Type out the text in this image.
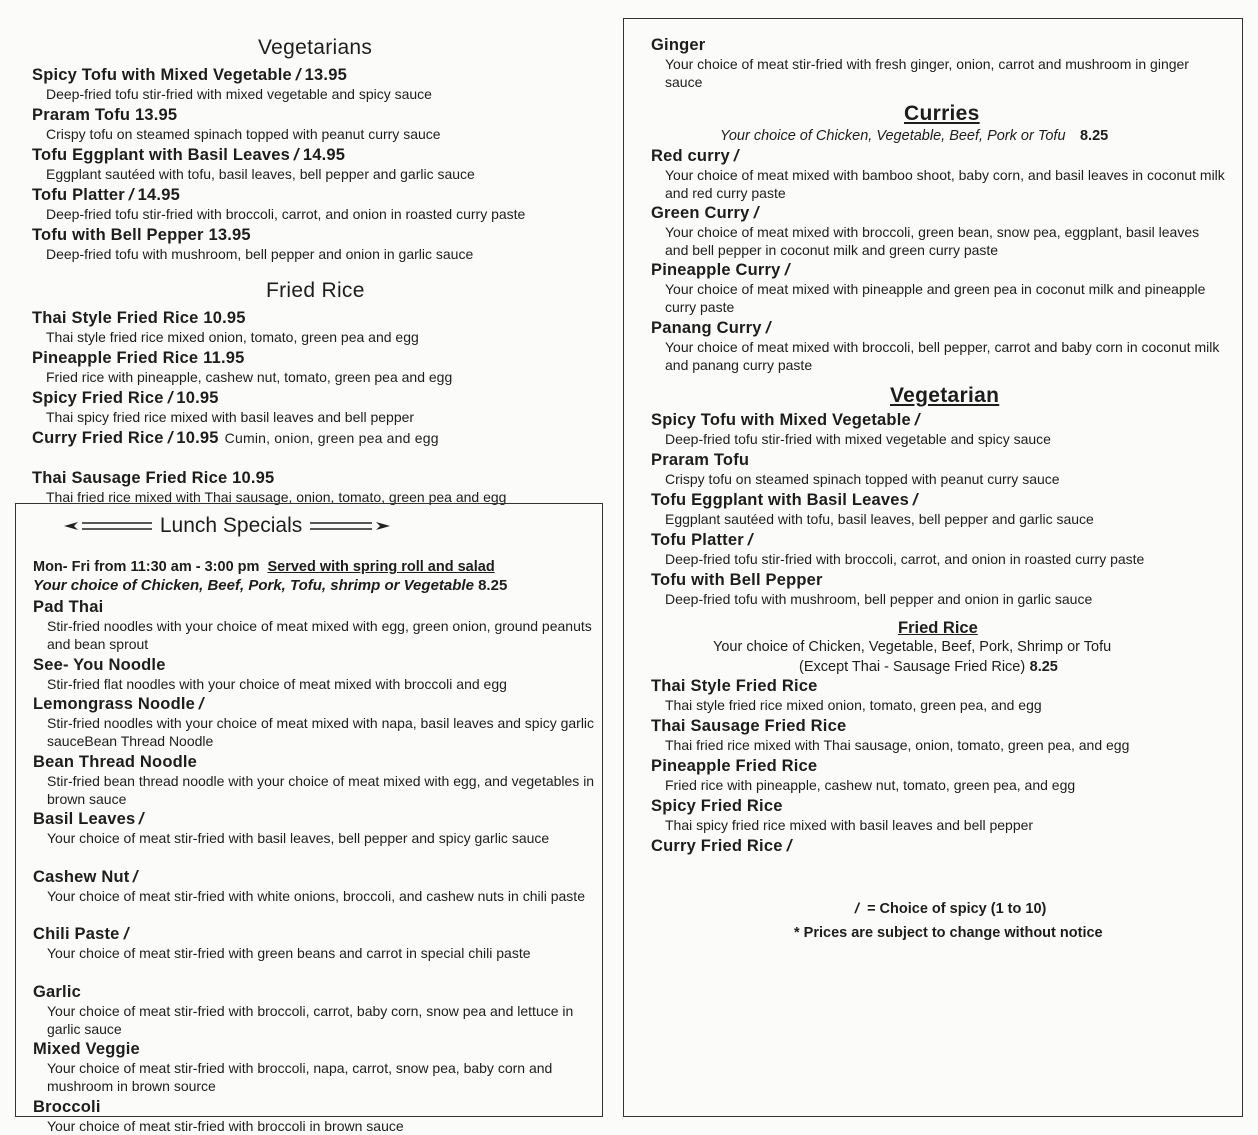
Vegetarians
Spicy Tofu with Mixed Vegetable / 13.95
Deep-fried tofu stir-fried with mixed vegetable and spicy sauce
Praram Tofu 13.95
Crispy tofu on steamed spinach topped with peanut curry sauce
Tofu Eggplant with Basil Leaves / 14.95
Eggplant sautéed with tofu, basil leaves, bell pepper and garlic sauce
Tofu Platter / 14.95
Deep-fried tofu stir-fried with broccoli, carrot, and onion in roasted curry paste
Tofu with Bell Pepper 13.95
Deep-fried tofu with mushroom, bell pepper and onion in garlic sauce
Fried Rice
Thai Style Fried Rice 10.95
Thai style fried rice mixed onion, tomato, green pea and egg
Pineapple Fried Rice 11.95
Fried rice with pineapple, cashew nut, tomato, green pea and egg
Spicy Fried Rice / 10.95
Thai spicy fried rice mixed with basil leaves and bell pepper
Curry Fried Rice / 10.95 Cumin, onion, green pea and egg
Thai Sausage Fried Rice 10.95
Thai fried rice mixed with Thai sausage, onion, tomato, green pea and egg
Lunch Specials
Mon- Fri from 11:30 am - 3:00 pm Served with spring roll and salad
Your choice of Chicken, Beef, Pork, Tofu, shrimp or Vegetable 8.25
Pad Thai
Stir-fried noodles with your choice of meat mixed with egg, green onion, ground peanuts and bean sprout
See- You Noodle
Stir-fried flat noodles with your choice of meat mixed with broccoli and egg
Lemongrass Noodle /
Stir-fried noodles with your choice of meat mixed with napa, basil leaves and spicy garlic sauceBean Thread Noodle
Bean Thread Noodle
Stir-fried bean thread noodle with your choice of meat mixed with egg, and vegetables in brown sauce
Basil Leaves /
Your choice of meat stir-fried with basil leaves, bell pepper and spicy garlic sauce
Cashew Nut /
Your choice of meat stir-fried with white onions, broccoli, and cashew nuts in chili paste
Chili Paste /
Your choice of meat stir-fried with green beans and carrot in special chili paste
Garlic
Your choice of meat stir-fried with broccoli, carrot, baby corn, snow pea and lettuce in garlic sauce
Mixed Veggie
Your choice of meat stir-fried with broccoli, napa, carrot, snow pea, baby corn and mushroom in brown source
Broccoli
Your choice of meat stir-fried with broccoli in brown sauce
Ginger
Your choice of meat stir-fried with fresh ginger, onion, carrot and mushroom in ginger sauce
Curries
Your choice of Chicken, Vegetable, Beef, Pork or Tofu 8.25
Red curry /
Your choice of meat mixed with bamboo shoot, baby corn, and basil leaves in coconut milk and red curry paste
Green Curry /
Your choice of meat mixed with broccoli, green bean, snow pea, eggplant, basil leaves and bell pepper in coconut milk and green curry paste
Pineapple Curry /
Your choice of meat mixed with pineapple and green pea in coconut milk and pineapple curry paste
Panang Curry /
Your choice of meat mixed with broccoli, bell pepper, carrot and baby corn in coconut milk and panang curry paste
Vegetarian
Spicy Tofu with Mixed Vegetable /
Deep-fried tofu stir-fried with mixed vegetable and spicy sauce
Praram Tofu
Crispy tofu on steamed spinach topped with peanut curry sauce
Tofu Eggplant with Basil Leaves /
Eggplant sautéed with tofu, basil leaves, bell pepper and garlic sauce
Tofu Platter /
Deep-fried tofu stir-fried with broccoli, carrot, and onion in roasted curry paste
Tofu with Bell Pepper
Deep-fried tofu with mushroom, bell pepper and onion in garlic sauce
Fried Rice
Your choice of Chicken, Vegetable, Beef, Pork, Shrimp or Tofu
(Except Thai - Sausage Fried Rice) 8.25
Thai Style Fried Rice
Thai style fried rice mixed onion, tomato, green pea, and egg
Thai Sausage Fried Rice
Thai fried rice mixed with Thai sausage, onion, tomato, green pea, and egg
Pineapple Fried Rice
Fried rice with pineapple, cashew nut, tomato, green pea, and egg
Spicy Fried Rice
Thai spicy fried rice mixed with basil leaves and bell pepper
Curry Fried Rice /
/ = Choice of spicy (1 to 10)
* Prices are subject to change without notice
